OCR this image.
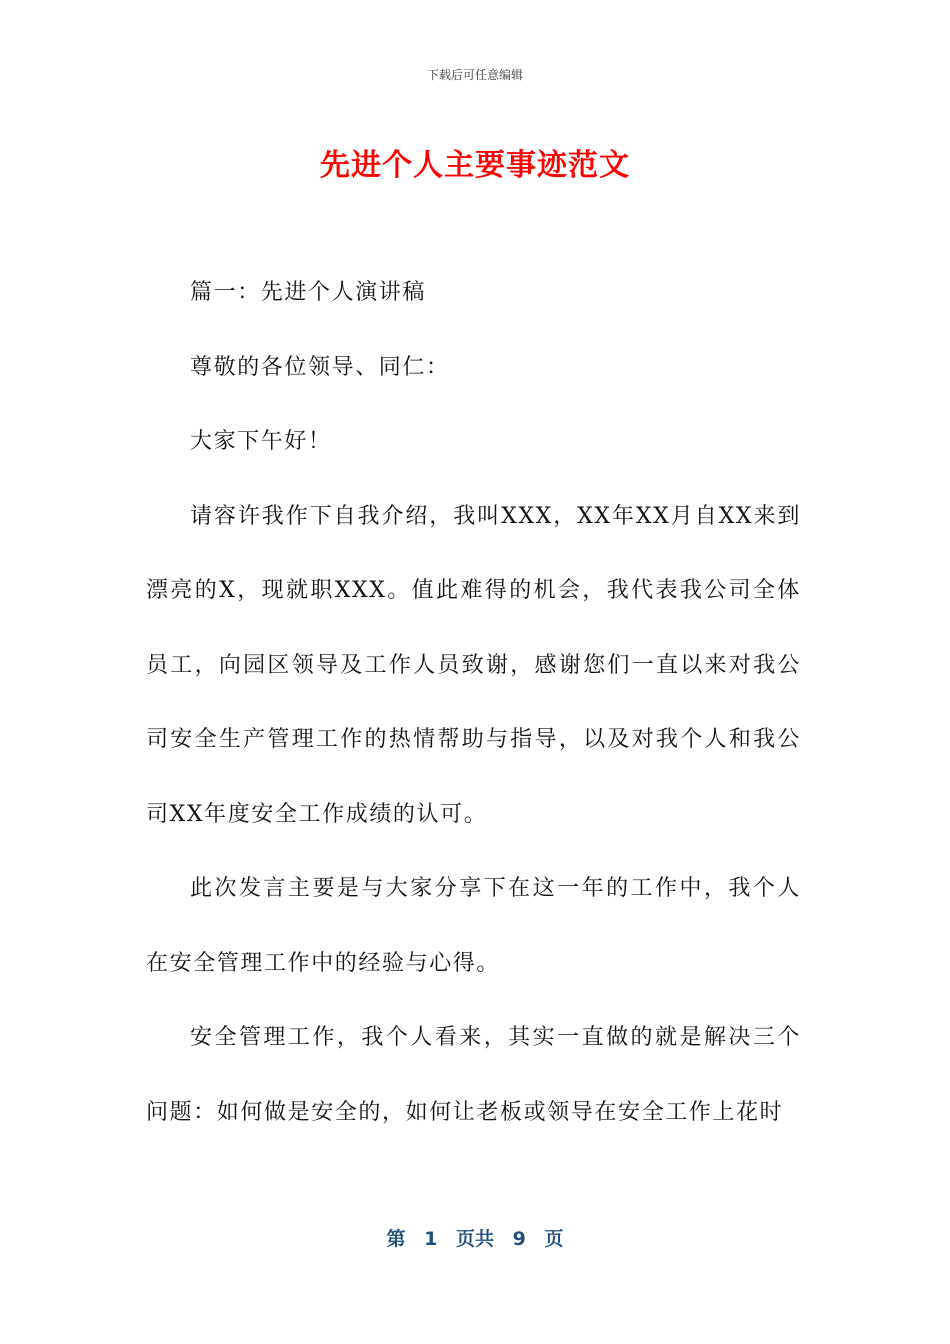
下载后可任意编辑
先进个人主要事迹范文

篇一：先进个人演讲稿

尊敬的各位领导、同仁：

大家下午好！

请容许我作下自我介绍，我叫XXX，XX年XX月自XX来到漂亮的X，现就职XXX。值此难得的机会，我代表我公司全体员工，向园区领导及工作人员致谢，感谢您们一直以来对我公司安全生产管理工作的热情帮助与指导，以及对我个人和我公司XX年度安全工作成绩的认可。

此次发言主要是与大家分享下在这一年的工作中，我个人在安全管理工作中的经验与心得。

安全管理工作，我个人看来，其实一直做的就是解决三个问题：如何做是安全的，如何让老板或领导在安全工作上花时

第 1 页共 9 页
